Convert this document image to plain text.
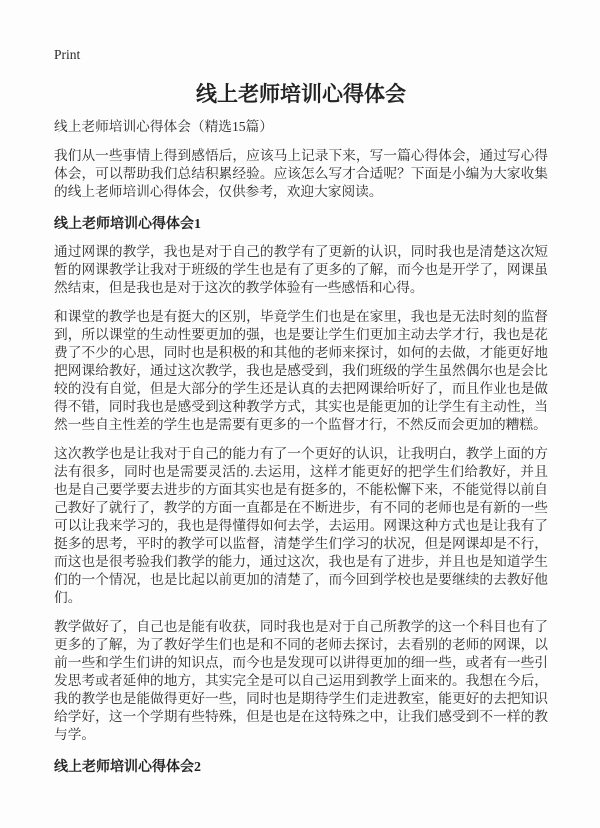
Print
线上老师培训心得体会

线上老师培训心得体会（精选15篇）

我们从一些事情上得到感悟后，应该马上记录下来，写一篇心得体会，通过写心得体会，可以帮助我们总结积累经验。应该怎么写才合适呢？下面是小编为大家收集的线上老师培训心得体会，仅供参考，欢迎大家阅读。

线上老师培训心得体会1

通过网课的教学，我也是对于自己的教学有了更新的认识，同时我也是清楚这次短暂的网课教学让我对于班级的学生也是有了更多的了解，而今也是开学了，网课虽然结束，但是我也是对于这次的教学体验有一些感悟和心得。

和课堂的教学也是有挺大的区别，毕竟学生们也是在家里，我也是无法时刻的监督到，所以课堂的生动性要更加的强，也是要让学生们更加主动去学才行，我也是花费了不少的心思，同时也是积极的和其他的老师来探讨，如何的去做，才能更好地把网课给教好，通过这次教学，我也是感受到，我们班级的学生虽然偶尔也是会比较的没有自觉，但是大部分的学生还是认真的去把网课给听好了，而且作业也是做得不错，同时我也是感受到这种教学方式，其实也是能更加的让学生有主动性，当然一些自主性差的学生也是需要有更多的一个监督才行，不然反而会更加的糟糕。

这次教学也是让我对于自己的能力有了一个更好的认识，让我明白，教学上面的方法有很多，同时也是需要灵活的.去运用，这样才能更好的把学生们给教好，并且也是自己要学要去进步的方面其实也是有挺多的，不能松懈下来，不能觉得以前自己教好了就行了，教学的方面一直都是在不断进步，有不同的老师也是有新的一些可以让我来学习的，我也是得懂得如何去学，去运用。网课这种方式也是让我有了挺多的思考，平时的教学可以监督，清楚学生们学习的状况，但是网课却是不行，而这也是很考验我们教学的能力，通过这次，我也是有了进步，并且也是知道学生们的一个情况，也是比起以前更加的清楚了，而今回到学校也是要继续的去教好他们。

教学做好了，自己也是能有收获，同时我也是对于自己所教学的这一个科目也有了更多的了解，为了教好学生们也是和不同的老师去探讨，去看别的老师的网课，以前一些和学生们讲的知识点，而今也是发现可以讲得更加的细一些，或者有一些引发思考或者延伸的地方，其实完全是可以自己运用到教学上面来的。我想在今后，我的教学也是能做得更好一些，同时也是期待学生们走进教室，能更好的去把知识给学好，这一个学期有些特殊，但是也是在这特殊之中，让我们感受到不一样的教与学。

线上老师培训心得体会2
